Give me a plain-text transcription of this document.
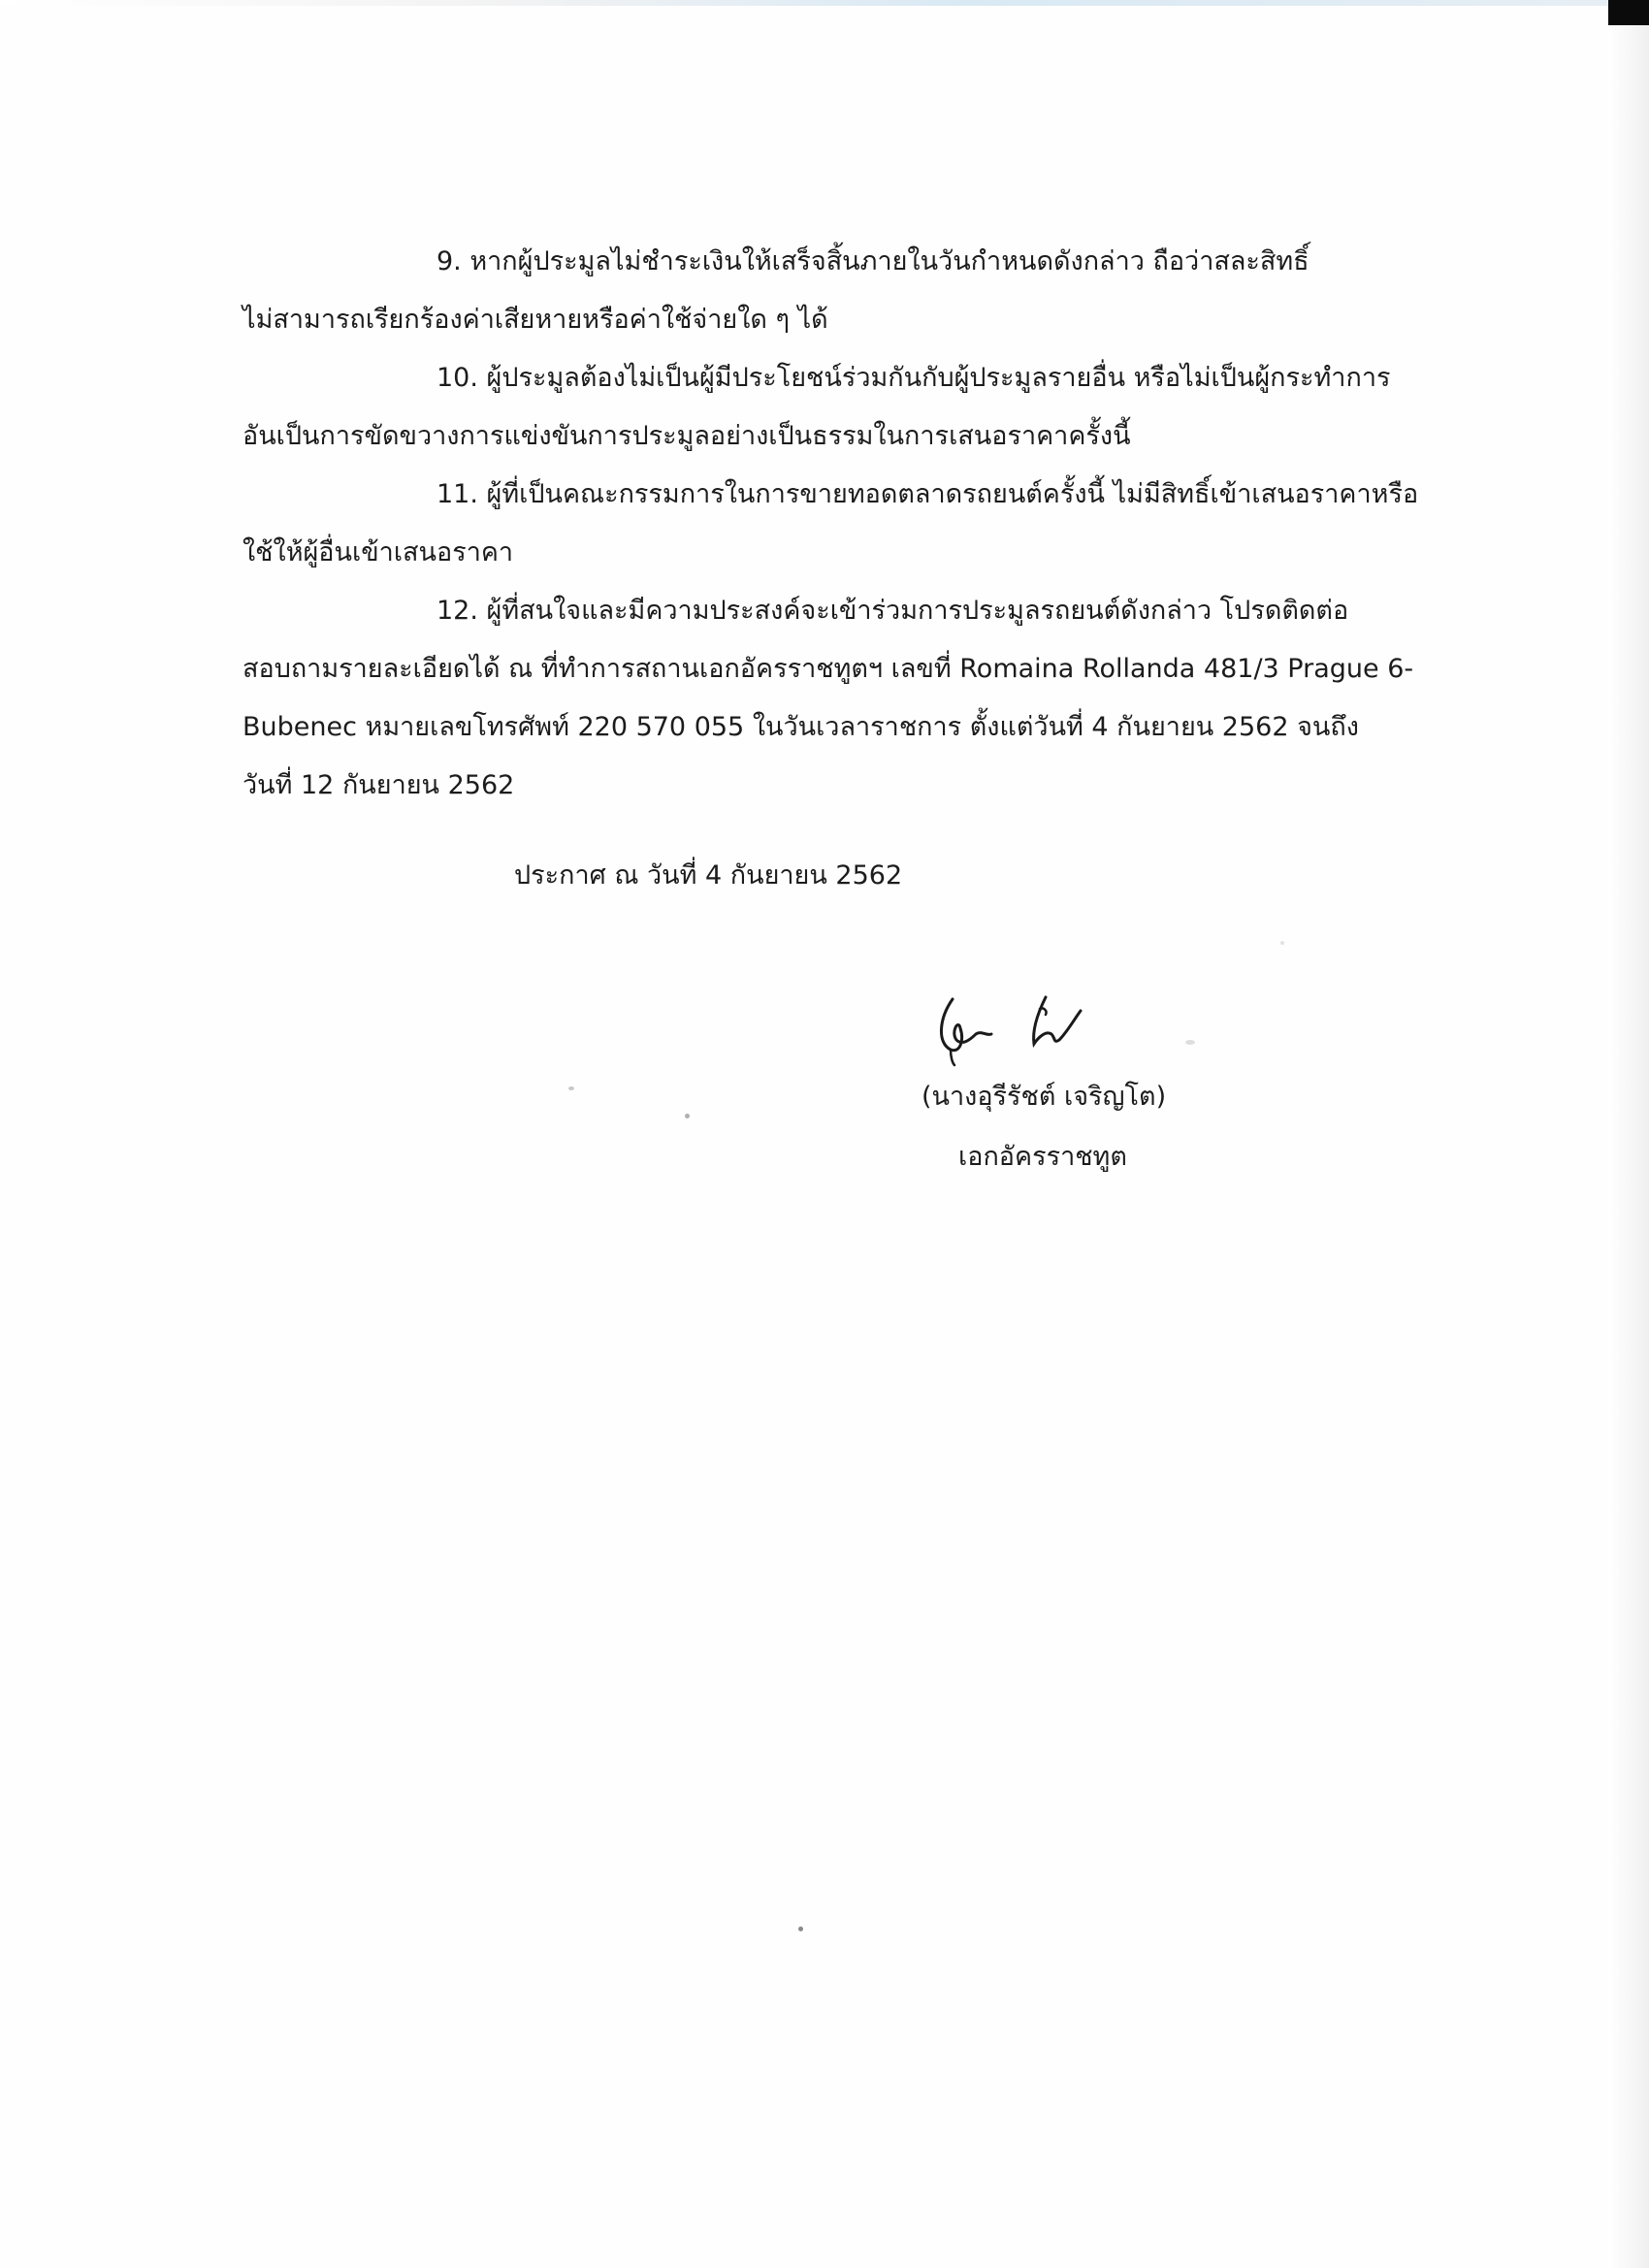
9. หากผู้ประมูลไม่ชำระเงินให้เสร็จสิ้นภายในวันกำหนดดังกล่าว ถือว่าสละสิทธิ์
ไม่สามารถเรียกร้องค่าเสียหายหรือค่าใช้จ่ายใด ๆ ได้
10. ผู้ประมูลต้องไม่เป็นผู้มีประโยชน์ร่วมกันกับผู้ประมูลรายอื่น หรือไม่เป็นผู้กระทำการ
อันเป็นการขัดขวางการแข่งขันการประมูลอย่างเป็นธรรมในการเสนอราคาครั้งนี้
11. ผู้ที่เป็นคณะกรรมการในการขายทอดตลาดรถยนต์ครั้งนี้ ไม่มีสิทธิ์เข้าเสนอราคาหรือ
ใช้ให้ผู้อื่นเข้าเสนอราคา
12. ผู้ที่สนใจและมีความประสงค์จะเข้าร่วมการประมูลรถยนต์ดังกล่าว โปรดติดต่อ
สอบถามรายละเอียดได้ ณ ที่ทำการสถานเอกอัครราชทูตฯ เลขที่ Romaina Rollanda 481/3 Prague 6-
Bubenec หมายเลขโทรศัพท์ 220 570 055 ในวันเวลาราชการ ตั้งแต่วันที่ 4 กันยายน 2562 จนถึง
วันที่ 12 กันยายน 2562
ประกาศ ณ วันที่ 4 กันยายน 2562
(นางอุรีรัชต์ เจริญโต)
เอกอัครราชทูต
